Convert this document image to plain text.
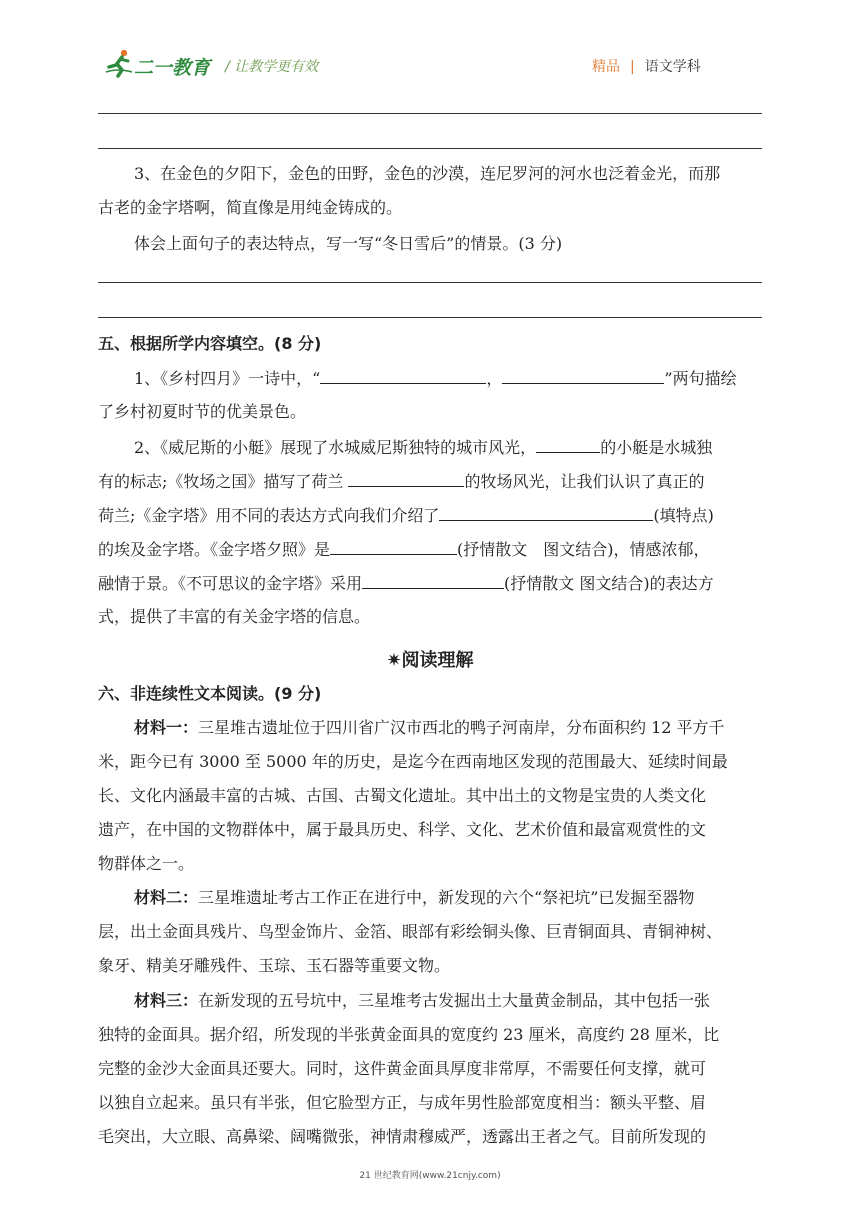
二一教育 / 让教学更有效	精品 | 语文学科
3、在金色的夕阳下，金色的田野，金色的沙漠，连尼罗河的河水也泛着金光，而那
古老的金字塔啊，简直像是用纯金铸成的。
体会上面句子的表达特点，写一写“冬日雪后”的情景。(3 分)
五、根据所学内容填空。(8 分)
1、《乡村四月》一诗中，“	，	”两句描绘
了乡村初夏时节的优美景色。
2、《威尼斯的小艇》展现了水城威尼斯独特的城市风光，	的小艇是水城独
有的标志;《牧场之国》描写了荷兰	的牧场风光，让我们认识了真正的
荷兰;《金字塔》用不同的表达方式向我们介绍了	(填特点)
的埃及金字塔。《金字塔夕照》是	(抒情散文　图文结合)，情感浓郁，
融情于景。《不可思议的金字塔》采用	(抒情散文 图文结合)的表达方
式，提供了丰富的有关金字塔的信息。
✷阅读理解
六、非连续性文本阅读。(9 分)
材料一：三星堆古遗址位于四川省广汉市西北的鸭子河南岸，分布面积约 12 平方千
米，距今已有 3000 至 5000 年的历史，是迄今在西南地区发现的范围最大、延续时间最
长、文化内涵最丰富的古城、古国、古蜀文化遗址。其中出土的文物是宝贵的人类文化
遗产，在中国的文物群体中，属于最具历史、科学、文化、艺术价值和最富观赏性的文
物群体之一。
材料二：三星堆遗址考古工作正在进行中，新发现的六个“祭祀坑”已发掘至器物
层，出土金面具残片、鸟型金饰片、金箔、眼部有彩绘铜头像、巨青铜面具、青铜神树、
象牙、精美牙雕残件、玉琮、玉石器等重要文物。
材料三：在新发现的五号坑中，三星堆考古发掘出土大量黄金制品，其中包括一张
独特的金面具。据介绍，所发现的半张黄金面具的宽度约 23 厘米，高度约 28 厘米，比
完整的金沙大金面具还要大。同时，这件黄金面具厚度非常厚，不需要任何支撑，就可
以独自立起来。虽只有半张，但它脸型方正，与成年男性脸部宽度相当：额头平整、眉
毛突出，大立眼、高鼻梁、阔嘴微张，神情肃穆威严，透露出王者之气。目前所发现的
21 世纪教育网(www.21cnjy.com)
